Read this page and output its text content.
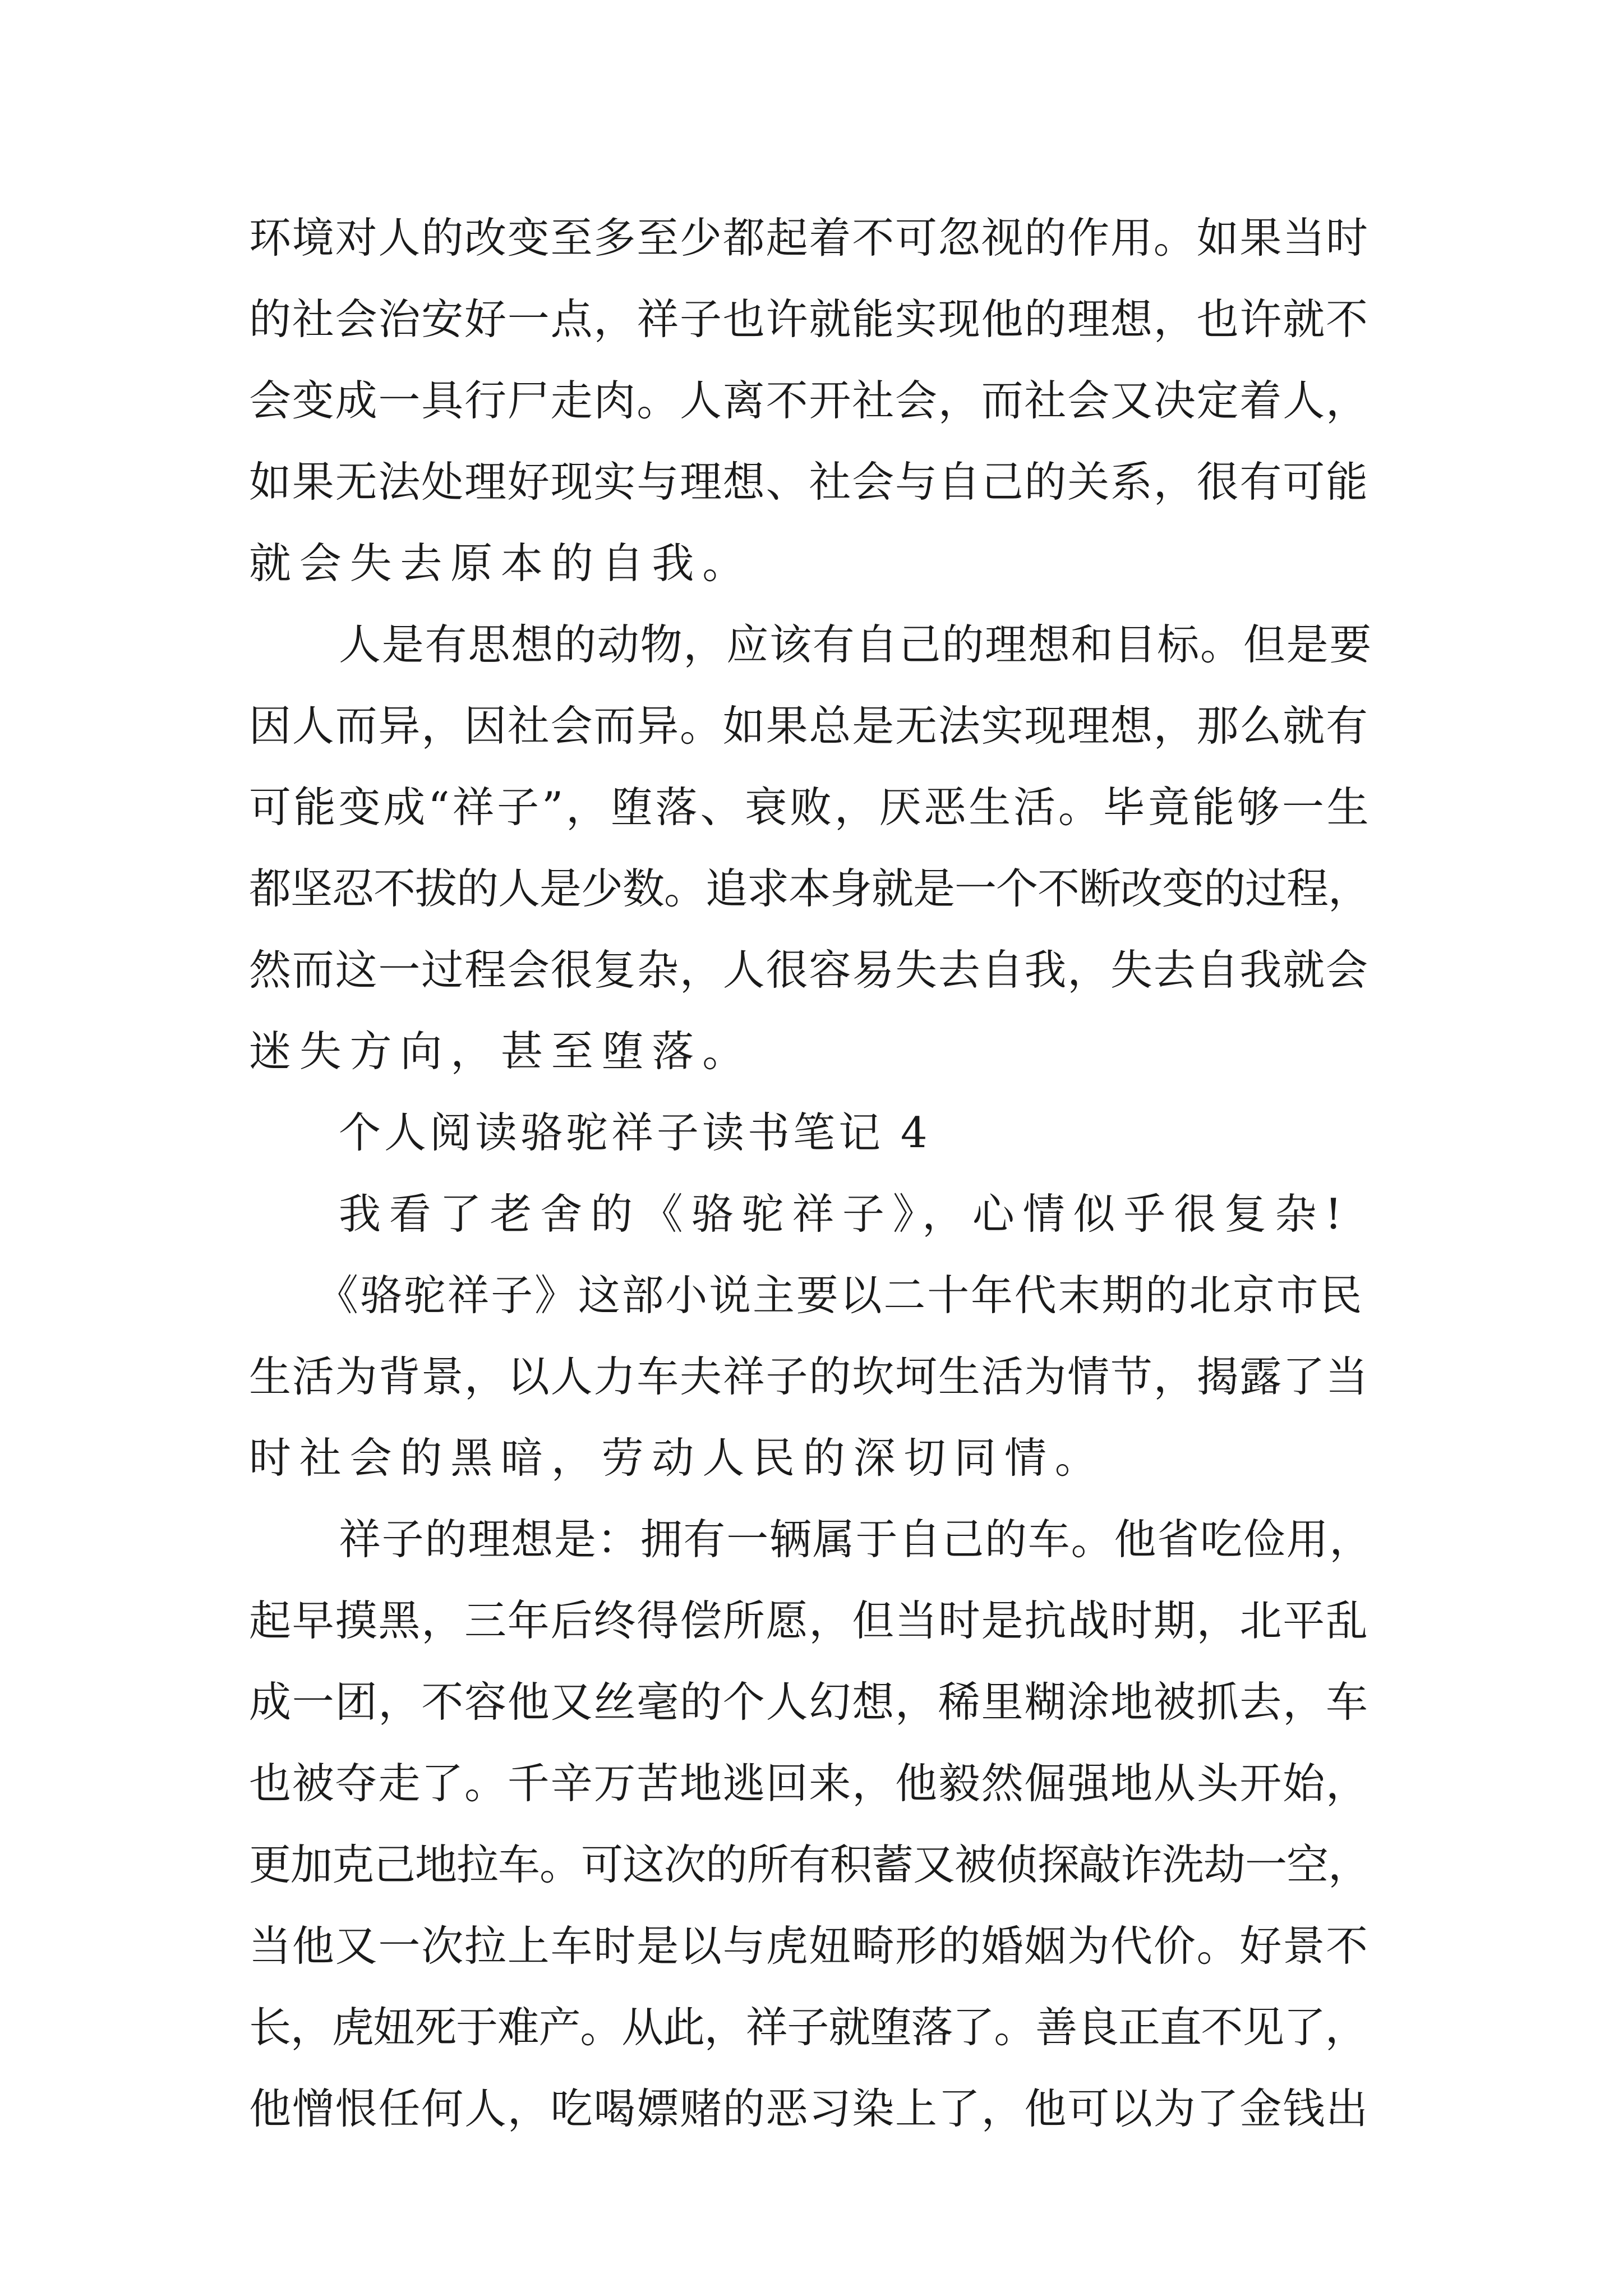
环境对人的改变至多至少都起着不可忽视的作用。如果当时
的社会治安好一点，祥子也许就能实现他的理想，也许就不
会变成一具行尸走肉。人离不开社会，而社会又决定着人，
如果无法处理好现实与理想、社会与自己的关系，很有可能
就会失去原本的自我。
人是有思想的动物，应该有自己的理想和目标。但是要
因人而异，因社会而异。如果总是无法实现理想，那么就有
可能变成“祥子”，堕落、衰败，厌恶生活。毕竟能够一生
都坚忍不拔的人是少数。追求本身就是一个不断改变的过程，
然而这一过程会很复杂，人很容易失去自我，失去自我就会
迷失方向，甚至堕落。
个人阅读骆驼祥子读书笔记 4
我看了老舍的《骆驼祥子》，心情似乎很复杂!
《骆驼祥子》这部小说主要以二十年代末期的北京市民
生活为背景，以人力车夫祥子的坎坷生活为情节，揭露了当
时社会的黑暗，劳动人民的深切同情。
祥子的理想是：拥有一辆属于自己的车。他省吃俭用，
起早摸黑，三年后终得偿所愿，但当时是抗战时期，北平乱
成一团，不容他又丝毫的个人幻想，稀里糊涂地被抓去，车
也被夺走了。千辛万苦地逃回来，他毅然倔强地从头开始，
更加克己地拉车。可这次的所有积蓄又被侦探敲诈洗劫一空，
当他又一次拉上车时是以与虎妞畸形的婚姻为代价。好景不
长，虎妞死于难产。从此，祥子就堕落了。善良正直不见了，
他憎恨任何人，吃喝嫖赌的恶习染上了，他可以为了金钱出
